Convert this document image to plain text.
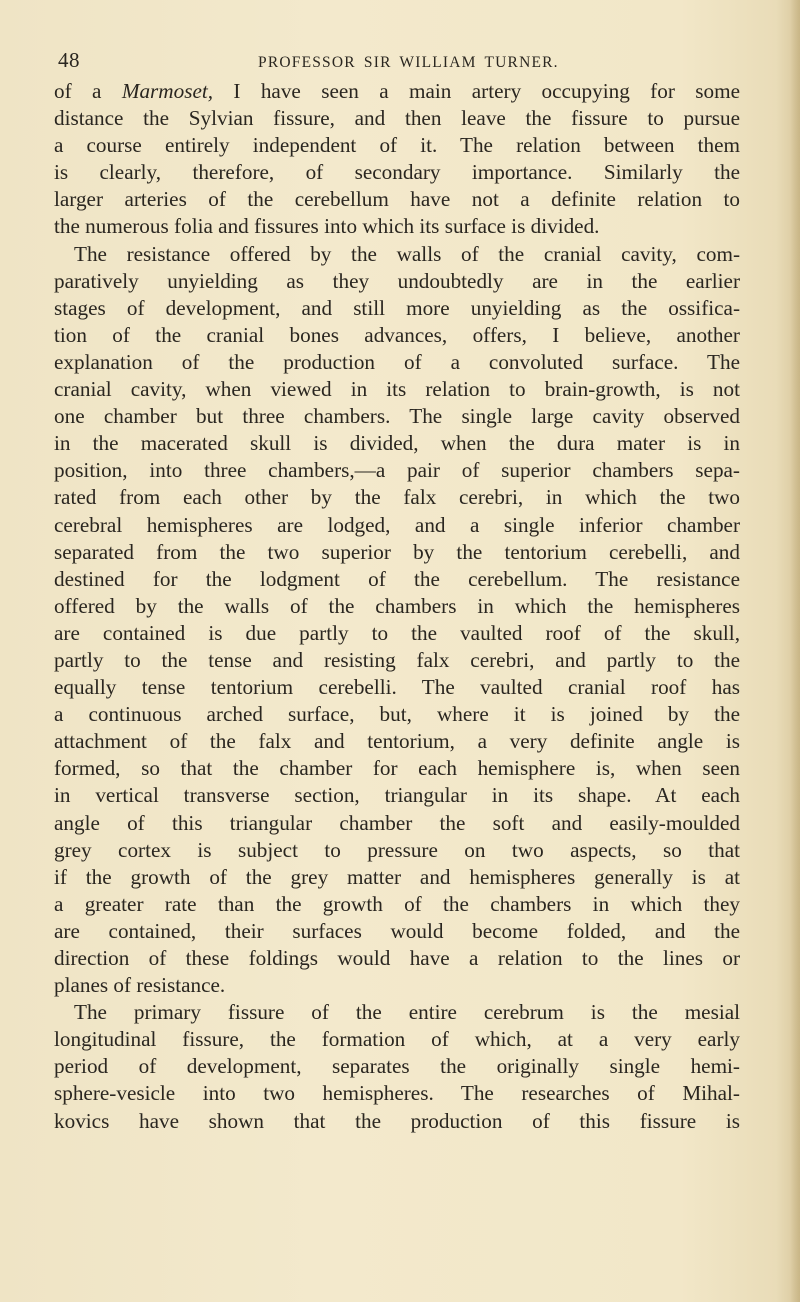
48	PROFESSOR SIR WILLIAM TURNER.
of a Marmoset, I have seen a main artery occupying for some
distance the Sylvian fissure, and then leave the fissure to pursue
a course entirely independent of it. The relation between them
is clearly, therefore, of secondary importance. Similarly the
larger arteries of the cerebellum have not a definite relation to
the numerous folia and fissures into which its surface is divided.
The resistance offered by the walls of the cranial cavity, com-
paratively unyielding as they undoubtedly are in the earlier
stages of development, and still more unyielding as the ossifica-
tion of the cranial bones advances, offers, I believe, another
explanation of the production of a convoluted surface. The
cranial cavity, when viewed in its relation to brain-growth, is not
one chamber but three chambers. The single large cavity observed
in the macerated skull is divided, when the dura mater is in
position, into three chambers,—a pair of superior chambers sepa-
rated from each other by the falx cerebri, in which the two
cerebral hemispheres are lodged, and a single inferior chamber
separated from the two superior by the tentorium cerebelli, and
destined for the lodgment of the cerebellum. The resistance
offered by the walls of the chambers in which the hemispheres
are contained is due partly to the vaulted roof of the skull,
partly to the tense and resisting falx cerebri, and partly to the
equally tense tentorium cerebelli. The vaulted cranial roof has
a continuous arched surface, but, where it is joined by the
attachment of the falx and tentorium, a very definite angle is
formed, so that the chamber for each hemisphere is, when seen
in vertical transverse section, triangular in its shape. At each
angle of this triangular chamber the soft and easily-moulded
grey cortex is subject to pressure on two aspects, so that
if the growth of the grey matter and hemispheres generally is at
a greater rate than the growth of the chambers in which they
are contained, their surfaces would become folded, and the
direction of these foldings would have a relation to the lines or
planes of resistance.
The primary fissure of the entire cerebrum is the mesial
longitudinal fissure, the formation of which, at a very early
period of development, separates the originally single hemi-
sphere-vesicle into two hemispheres. The researches of Mihal-
kovics have shown that the production of this fissure is
